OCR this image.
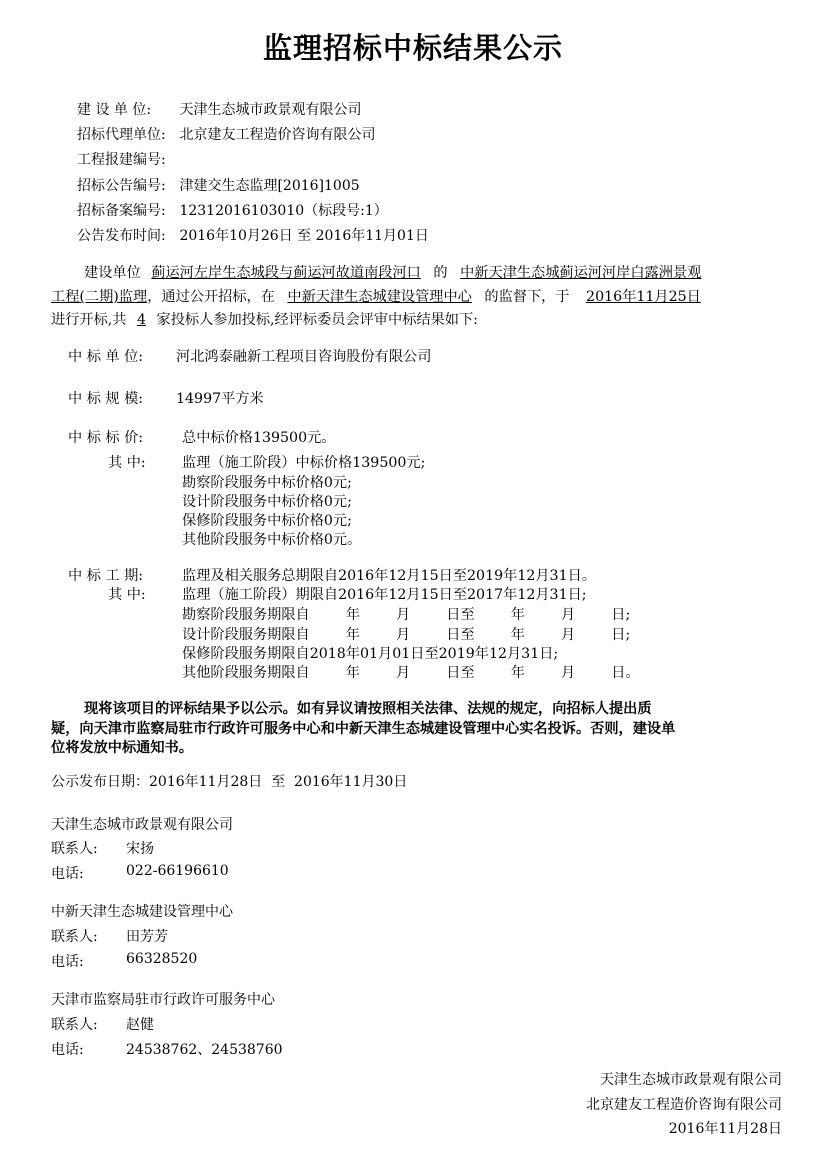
监理招标中标结果公示
建 设 单 位: 天津生态城市政景观有限公司
招标代理单位: 北京建友工程造价咨询有限公司
工程报建编号:
招标公告编号: 津建交生态监理[2016]1005
招标备案编号: 12312016103010（标段号:1）
公告发布时间: 2016年10月26日 至 2016年11月01日
建设单位 蓟运河左岸生态城段与蓟运河故道南段河口 的 中新天津生态城蓟运河河岸白露洲景观
工程(二期)监理，通过公开招标，在 中新天津生态城建设管理中心 的监督下，于 2016年11月25日
进行开标,共 4 家投标人参加投标,经评标委员会评审中标结果如下:
中 标 单 位: 河北鸿泰融新工程项目咨询股份有限公司
中 标 规 模: 14997平方米
中 标 标 价:	总中标价格139500元。
其 中:	监理（施工阶段）中标价格139500元;
勘察阶段服务中标价格0元;
设计阶段服务中标价格0元;
保修阶段服务中标价格0元;
其他阶段服务中标价格0元。
中 标 工 期:	监理及相关服务总期限自2016年12月15日至2019年12月31日。
其 中:	监理（施工阶段）期限自2016年12月15日至2017年12月31日;
勘察阶段服务期限自        年        月        日至        年        月        日;
设计阶段服务期限自        年        月        日至        年        月        日;
保修阶段服务期限自2018年01月01日至2019年12月31日;
其他阶段服务期限自        年        月        日至        年        月        日。
现将该项目的评标结果予以公示。如有异议请按照相关法律、法规的规定，向招标人提出质
疑，向天津市监察局驻市行政许可服务中心和中新天津生态城建设管理中心实名投诉。否则，建设单
位将发放中标通知书。
公示发布日期：2016年11月28日  至  2016年11月30日
天津生态城市政景观有限公司
联系人: 宋扬
电话:	022-66196610
中新天津生态城建设管理中心
联系人: 田芳芳
电话:	66328520
天津市监察局驻市行政许可服务中心
联系人: 赵健
电话:	24538762、24538760
天津生态城市政景观有限公司
北京建友工程造价咨询有限公司
2016年11月28日
